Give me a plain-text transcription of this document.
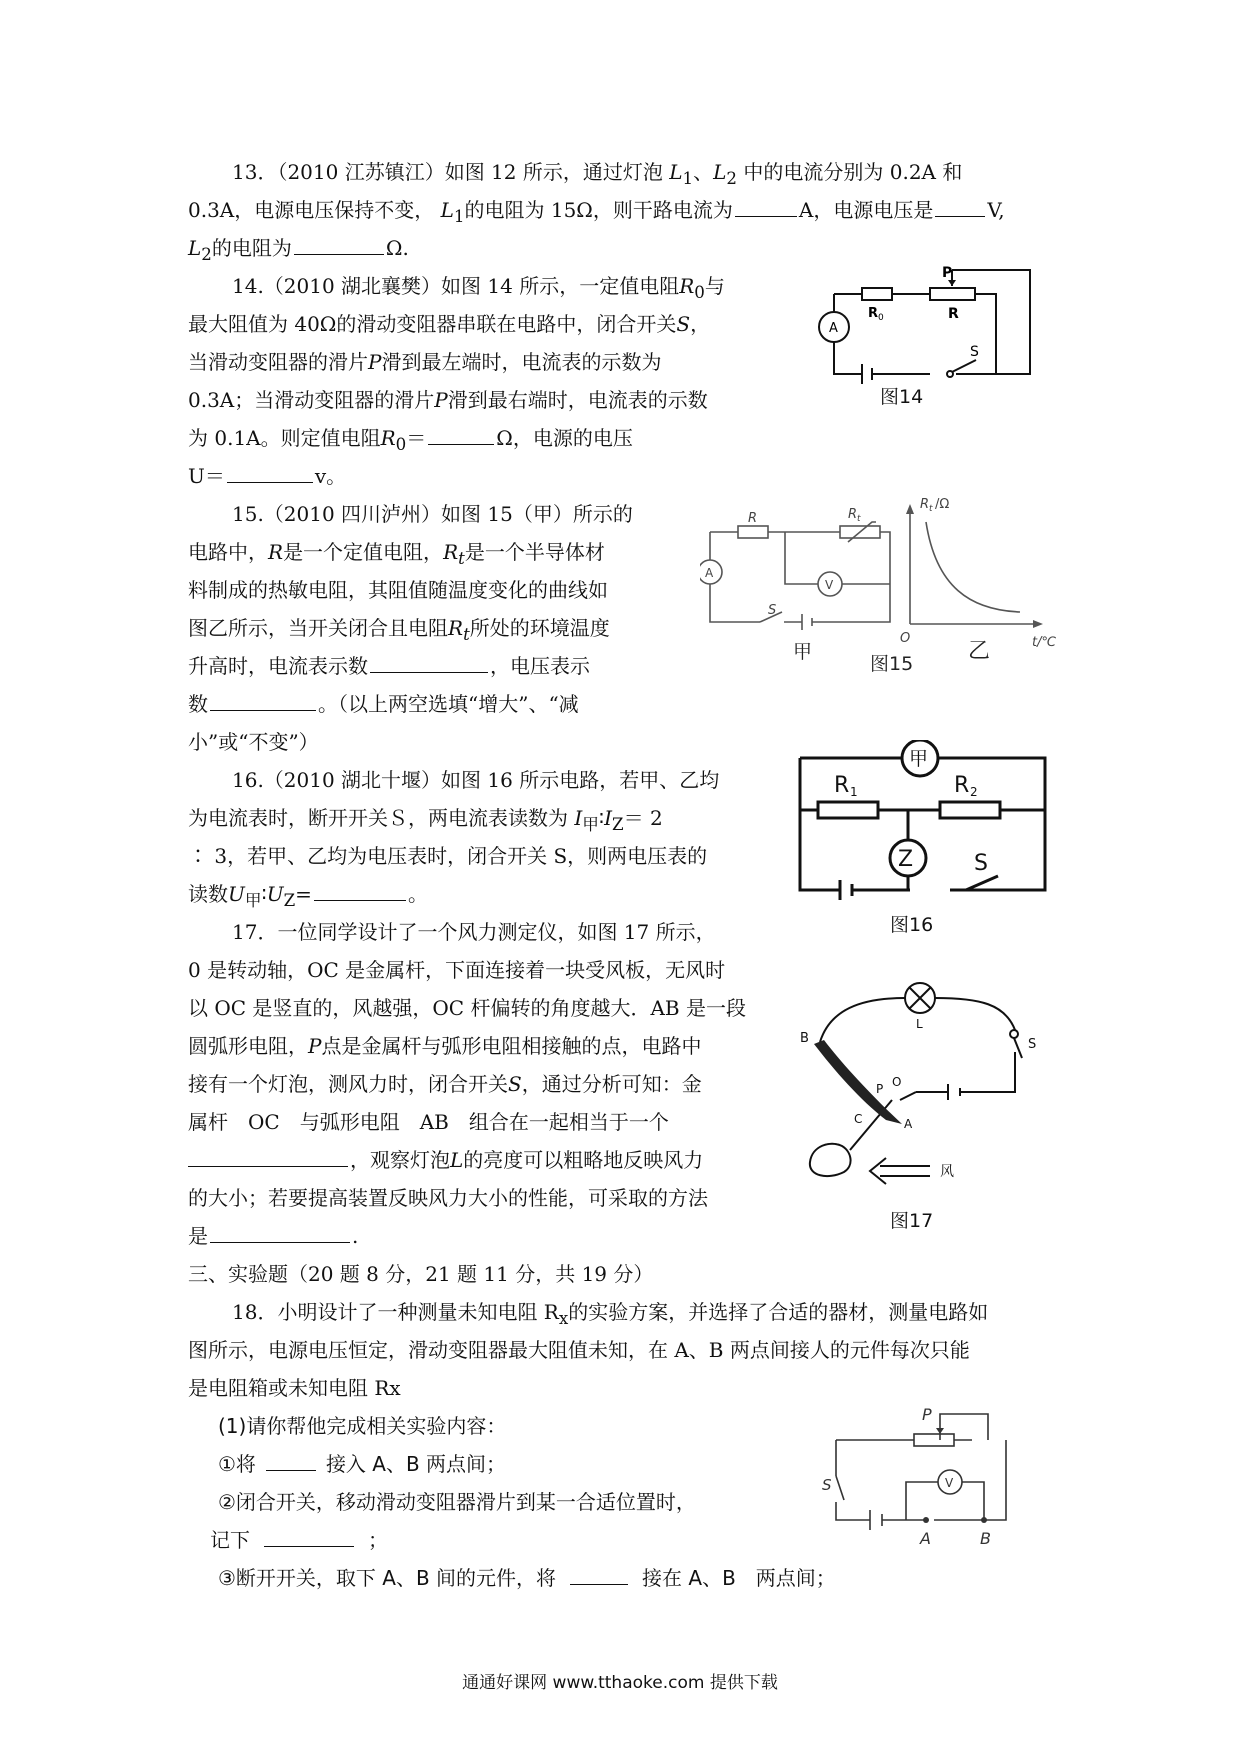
13．（2010 江苏镇江）如图 12 所示，通过灯泡 $L_1$、$L_2$ 中的电流分别为 0.2A 和
0.3A，电源电压保持不变， $L_1$的电阻为 15Ω，则干路电流为	A，电源电压是	V,
$L_2$的电阻为	Ω.
14.（2010 湖北襄樊）如图 14 所示，一定值电阻$R_0$与
最大阻值为 40Ω的滑动变阻器串联在电路中，闭合开关S，
当滑动变阻器的滑片P滑到最左端时，电流表的示数为
0.3A；当滑动变阻器的滑片P滑到最右端时，电流表的示数
为 0.1A。则定值电阻$R_0=$	Ω，电源的电压
U＝	v。
P
R 0	R
A
S
图14
15.（2010 四川泸州）如图 15（甲）所示的
电路中，R是一个定值电阻，$R_t$是一个半导体材
料制成的热敏电阻，其阻值随温度变化的曲线如
图乙所示，当开关闭合且电阻$R_t$所处的环境温度
升高时，电流表示数	，电压表示
数	。（以上两空选填“增大”、“减
小”或“不变”）
R	R t
A
V
S
R t /Ω
O	t/℃
甲	乙
图15
16.（2010 湖北十堰）如图 16 所示电路，若甲、乙均
为电流表时，断开开关Ｓ，两电流表读数为 $I_甲∶I_Z= 2$
∶ 3，若甲、乙均为电压表时，闭合开关 S，则两电压表的
读数$U_甲∶U_Z=$	。
甲
Z
R 1	R 2
S
图16
17．一位同学设计了一个风力测定仪，如图 17 所示，
0 是转动轴，OC 是金属杆，下面连接着一块受风板，无风时
以 OC 是竖直的，风越强，OC 杆偏转的角度越大．AB 是一段
圆弧形电阻，P点是金属杆与弧形电阻相接触的点，电路中
接有一个灯泡，测风力时，闭合开关S，通过分析可知：金
属杆　OC　与弧形电阻　AB　组合在一起相当于一个
，观察灯泡L的亮度可以粗略地反映风力
的大小；若要提高装置反映风力大小的性能，可采取的方法
是	.
B
L
S
P O
C	A
风
图17
三、实验题（20 题 8 分，21 题 11 分，共 19 分）
18．小明设计了一种测量未知电阻 $R_x$的实验方案，并选择了合适的器材，测量电路如
图所示，电源电压恒定，滑动变阻器最大阻值未知，在 A、B 两点间接人的元件每次只能
是电阻箱或未知电阻 Rx
(1)请你帮他完成相关实验内容：
①将	接入 A、B 两点间；
②闭合开关，移动滑动变阻器滑片到某一合适位置时，
记下	；
③断开开关，取下 A、B 间的元件，将	接在 A、B　两点间；
P
S	V
A	B
通通好课网 www.tthaoke.com 提供下载
